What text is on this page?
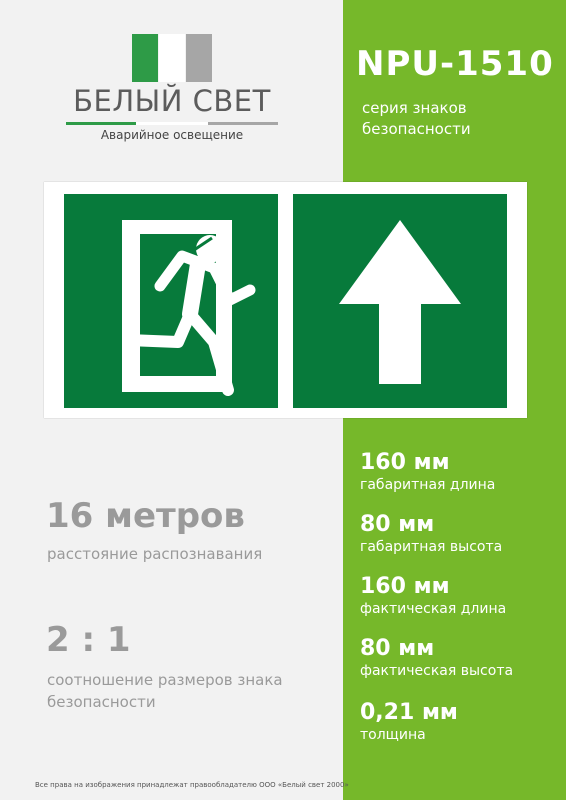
БЕЛЫЙ СВЕТ
Аварийное освещение
NPU-1510
серия знаков безопасности
160 мм
габаритная длина
80 мм
габаритная высота
160 мм
фактическая длина
80 мм
фактическая высота
0,21 мм
толщина
16 метров
расстояние распознавания
2 : 1
соотношение размеров знака безопасности
Все права на изображения принадлежат правообладателю ООО «Белый свет 2000»
